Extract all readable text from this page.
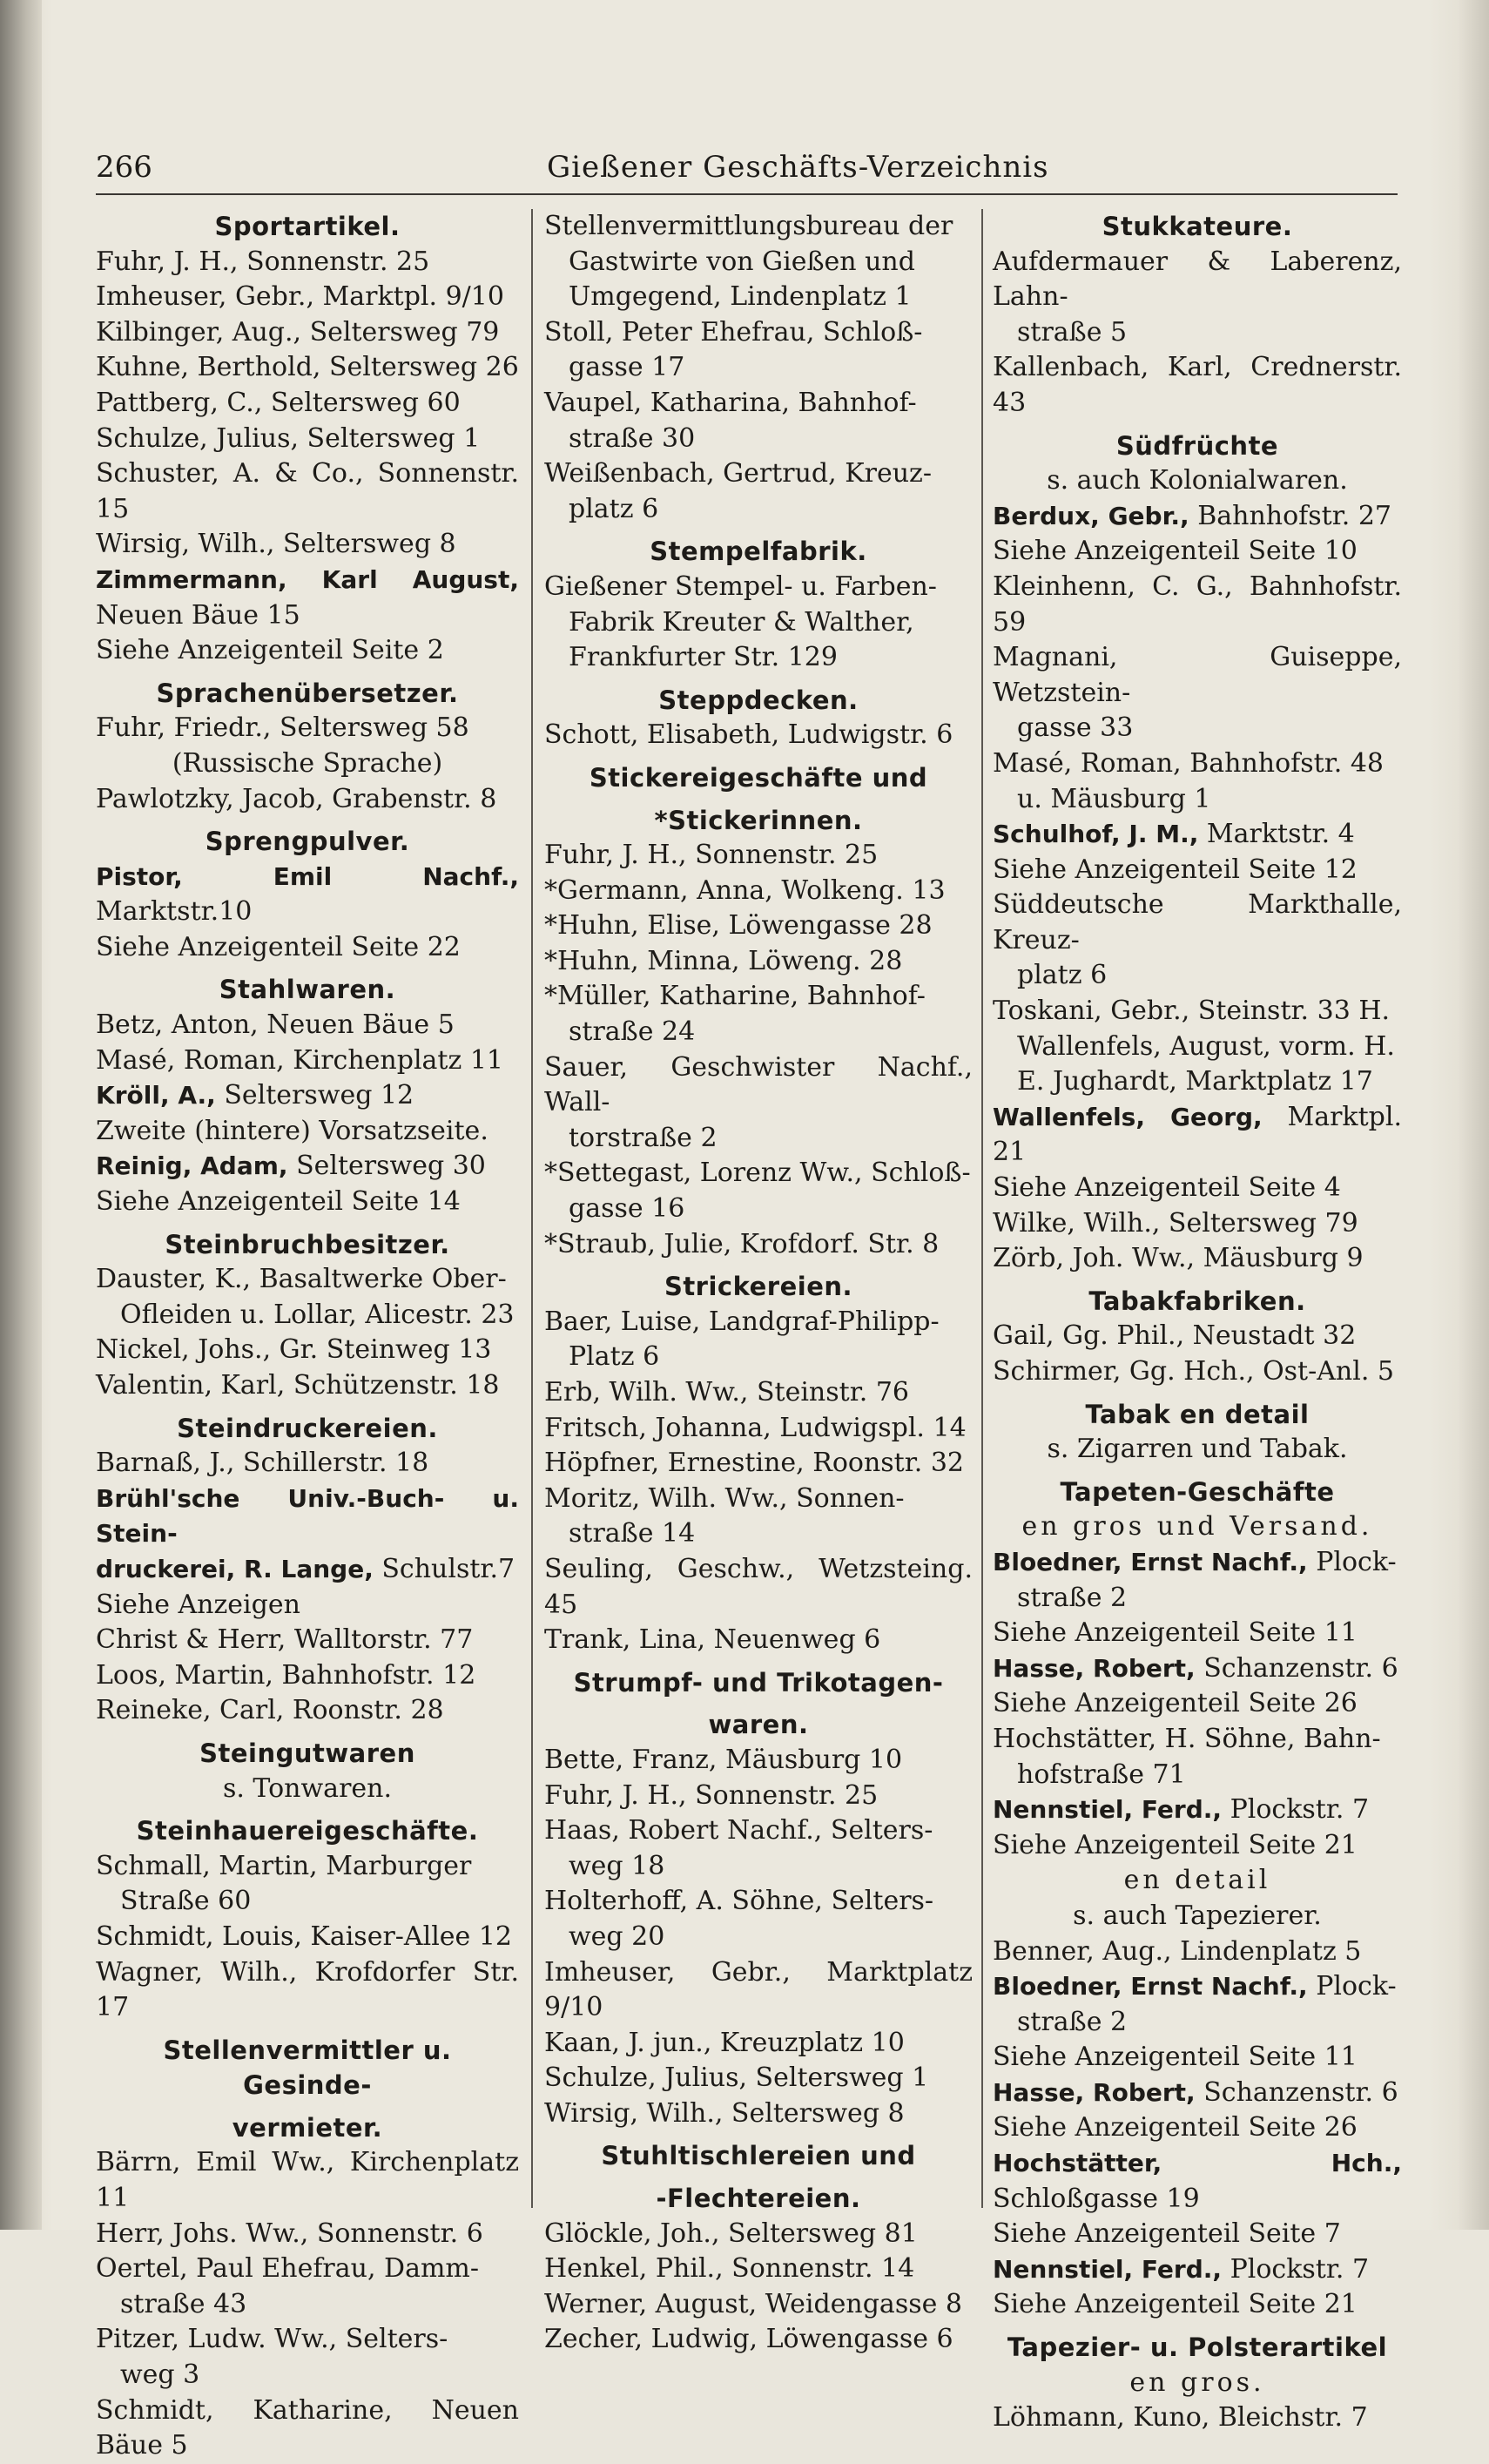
266	Gießener Geschäfts-Verzeichnis
Sportartikel.
Fuhr, J. H., Sonnenstr. 25
Imheuser, Gebr., Marktpl. 9/10
Kilbinger, Aug., Seltersweg 79
Kuhne, Berthold, Seltersweg 26
Pattberg, C., Seltersweg 60
Schulze, Julius, Seltersweg 1
Schuster, A. & Co., Sonnenstr. 15
Wirsig, Wilh., Seltersweg 8
Zimmermann, Karl August, Neuen Bäue 15
Siehe Anzeigenteil Seite 2
Sprachenübersetzer.
Fuhr, Friedr., Seltersweg 58
(Russische Sprache)
Pawlotzky, Jacob, Grabenstr. 8
Sprengpulver.
Pistor, Emil Nachf., Marktstr.10
Siehe Anzeigenteil Seite 22
Stahlwaren.
Betz, Anton, Neuen Bäue 5
Masé, Roman, Kirchenplatz 11
Kröll, A., Seltersweg 12
Zweite (hintere) Vorsatzseite.
Reinig, Adam, Seltersweg 30
Siehe Anzeigenteil Seite 14
Steinbruchbesitzer.
Dauster, K., Basaltwerke Ober-
Ofleiden u. Lollar, Alicestr. 23
Nickel, Johs., Gr. Steinweg 13
Valentin, Karl, Schützenstr. 18
Steindruckereien.
Barnaß, J., Schillerstr. 18
Brühl'sche Univ.-Buch- u. Stein-
druckerei, R. Lange, Schulstr.7
Siehe Anzeigen
Christ & Herr, Walltorstr. 77
Loos, Martin, Bahnhofstr. 12
Reineke, Carl, Roonstr. 28
Steingutwaren
s. Tonwaren.
Steinhauereigeschäfte.
Schmall, Martin, Marburger
Straße 60
Schmidt, Louis, Kaiser-Allee 12
Wagner, Wilh., Krofdorfer Str. 17
Stellenvermittler u. Gesinde-
vermieter.
Bärrn, Emil Ww., Kirchenplatz 11
Herr, Johs. Ww., Sonnenstr. 6
Oertel, Paul Ehefrau, Damm-
straße 43
Pitzer, Ludw. Ww., Selters-
weg 3
Schmidt, Katharine, Neuen Bäue 5
Stellenvermittlungsbureau der
Gastwirte von Gießen und
Umgegend, Lindenplatz 1
Stoll, Peter Ehefrau, Schloß-
gasse 17
Vaupel, Katharina, Bahnhof-
straße 30
Weißenbach, Gertrud, Kreuz-
platz 6
Stempelfabrik.
Gießener Stempel- u. Farben-
Fabrik Kreuter & Walther,
Frankfurter Str. 129
Steppdecken.
Schott, Elisabeth, Ludwigstr. 6
Stickereigeschäfte und
*Stickerinnen.
Fuhr, J. H., Sonnenstr. 25
*Germann, Anna, Wolkeng. 13
*Huhn, Elise, Löwengasse 28
*Huhn, Minna, Löweng. 28
*Müller, Katharine, Bahnhof-
straße 24
Sauer, Geschwister Nachf., Wall-
torstraße 2
*Settegast, Lorenz Ww., Schloß-
gasse 16
*Straub, Julie, Krofdorf. Str. 8
Strickereien.
Baer, Luise, Landgraf-Philipp-
Platz 6
Erb, Wilh. Ww., Steinstr. 76
Fritsch, Johanna, Ludwigspl. 14
Höpfner, Ernestine, Roonstr. 32
Moritz, Wilh. Ww., Sonnen-
straße 14
Seuling, Geschw., Wetzsteing. 45
Trank, Lina, Neuenweg 6
Strumpf- und Trikotagen-
waren.
Bette, Franz, Mäusburg 10
Fuhr, J. H., Sonnenstr. 25
Haas, Robert Nachf., Selters-
weg 18
Holterhoff, A. Söhne, Selters-
weg 20
Imheuser, Gebr., Marktplatz 9/10
Kaan, J. jun., Kreuzplatz 10
Schulze, Julius, Seltersweg 1
Wirsig, Wilh., Seltersweg 8
Stuhltischlereien und
-Flechtereien.
Glöckle, Joh., Seltersweg 81
Henkel, Phil., Sonnenstr. 14
Werner, August, Weidengasse 8
Zecher, Ludwig, Löwengasse 6
Stukkateure.
Aufdermauer & Laberenz, Lahn-
straße 5
Kallenbach, Karl, Crednerstr. 43
Südfrüchte
s. auch Kolonialwaren.
Berdux, Gebr., Bahnhofstr. 27
Siehe Anzeigenteil Seite 10
Kleinhenn, C. G., Bahnhofstr. 59
Magnani, Guiseppe, Wetzstein-
gasse 33
Masé, Roman, Bahnhofstr. 48
u. Mäusburg 1
Schulhof, J. M., Marktstr. 4
Siehe Anzeigenteil Seite 12
Süddeutsche Markthalle, Kreuz-
platz 6
Toskani, Gebr., Steinstr. 33 H.
Wallenfels, August, vorm. H.
E. Jughardt, Marktplatz 17
Wallenfels, Georg, Marktpl. 21
Siehe Anzeigenteil Seite 4
Wilke, Wilh., Seltersweg 79
Zörb, Joh. Ww., Mäusburg 9
Tabakfabriken.
Gail, Gg. Phil., Neustadt 32
Schirmer, Gg. Hch., Ost-Anl. 5
Tabak en detail
s. Zigarren und Tabak.
Tapeten-Geschäfte
en gros und Versand.
Bloedner, Ernst Nachf., Plock-
straße 2
Siehe Anzeigenteil Seite 11
Hasse, Robert, Schanzenstr. 6
Siehe Anzeigenteil Seite 26
Hochstätter, H. Söhne, Bahn-
hofstraße 71
Nennstiel, Ferd., Plockstr. 7
Siehe Anzeigenteil Seite 21
en detail
s. auch Tapezierer.
Benner, Aug., Lindenplatz 5
Bloedner, Ernst Nachf., Plock-
straße 2
Siehe Anzeigenteil Seite 11
Hasse, Robert, Schanzenstr. 6
Siehe Anzeigenteil Seite 26
Hochstätter, Hch., Schloßgasse 19
Siehe Anzeigenteil Seite 7
Nennstiel, Ferd., Plockstr. 7
Siehe Anzeigenteil Seite 21
Tapezier- u. Polsterartikel
en gros.
Löhmann, Kuno, Bleichstr. 7
